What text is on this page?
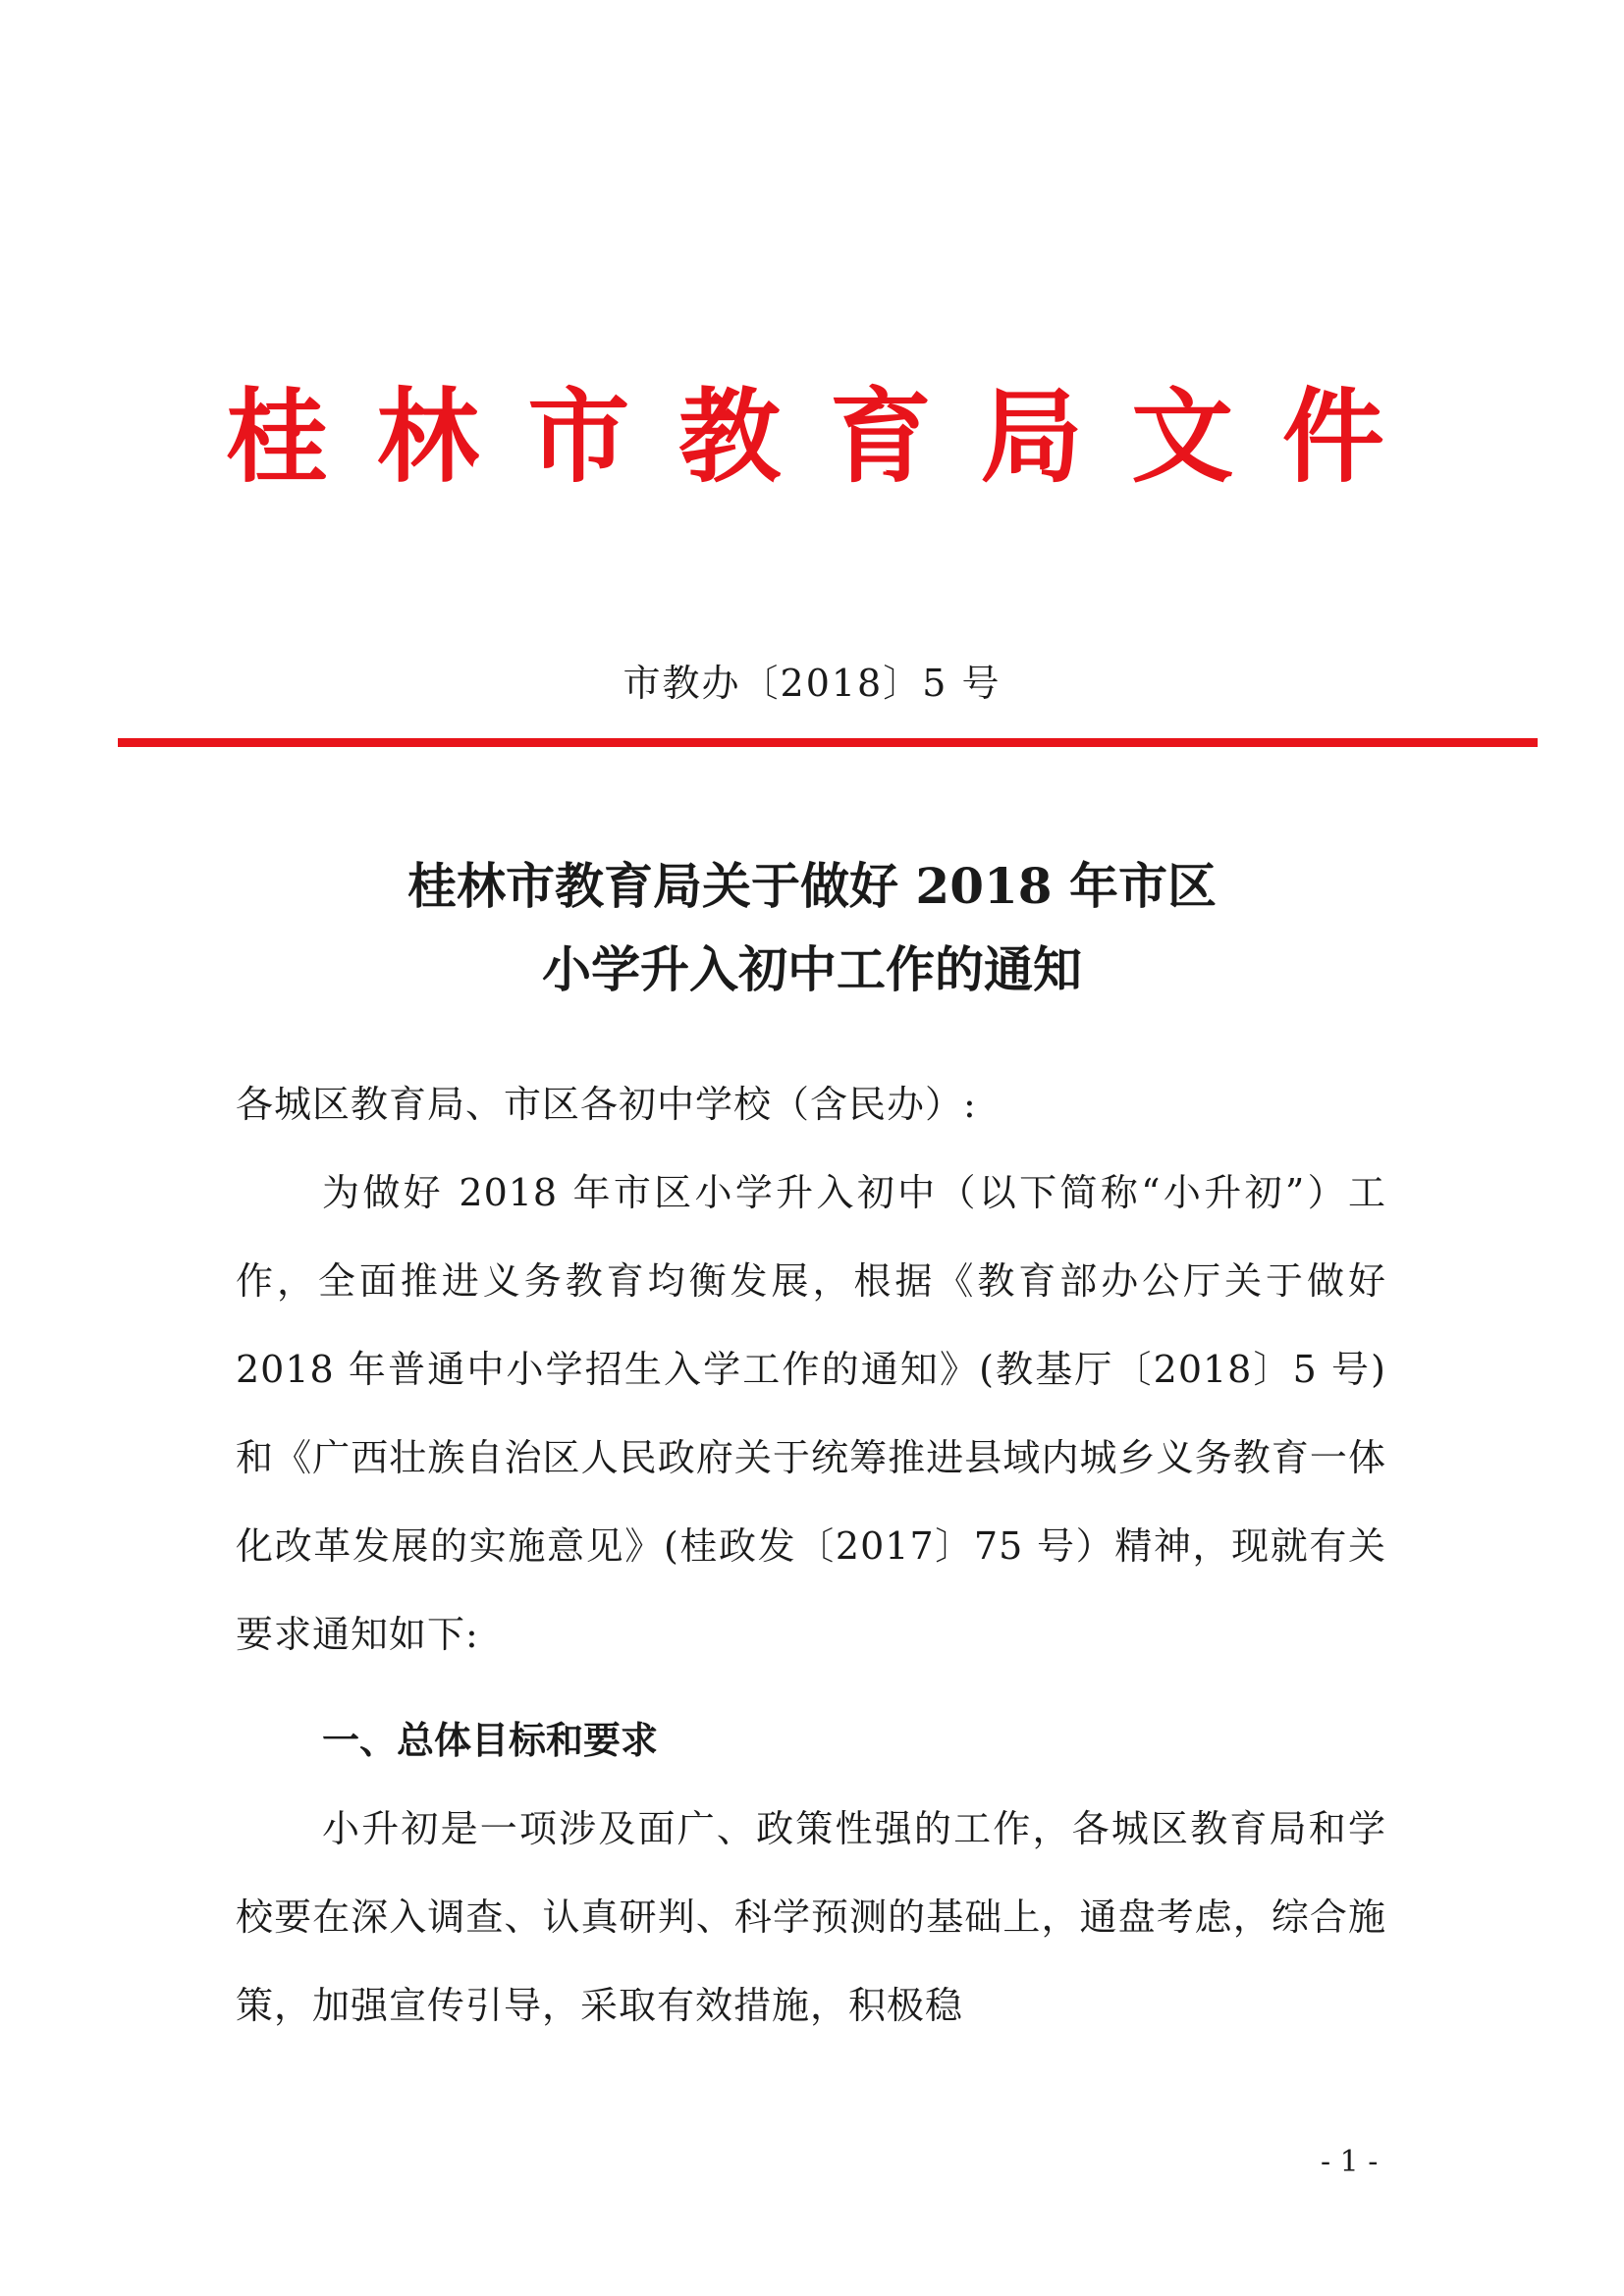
桂 林 市 教 育 局 文 件
市教办〔2018〕5 号
桂林市教育局关于做好 2018 年市区
小学升入初中工作的通知
各城区教育局、市区各初中学校（含民办）:
为做好 2018 年市区小学升入初中（以下简称“小升初”）工作，全面推进义务教育均衡发展，根据《教育部办公厅关于做好 2018 年普通中小学招生入学工作的通知》(教基厅〔2018〕5 号)和《广西壮族自治区人民政府关于统筹推进县域内城乡义务教育一体化改革发展的实施意见》(桂政发〔2017〕75 号）精神，现就有关要求通知如下:
一、总体目标和要求
小升初是一项涉及面广、政策性强的工作，各城区教育局和学校要在深入调查、认真研判、科学预测的基础上，通盘考虑，综合施策，加强宣传引导，采取有效措施，积极稳
- 1 -
